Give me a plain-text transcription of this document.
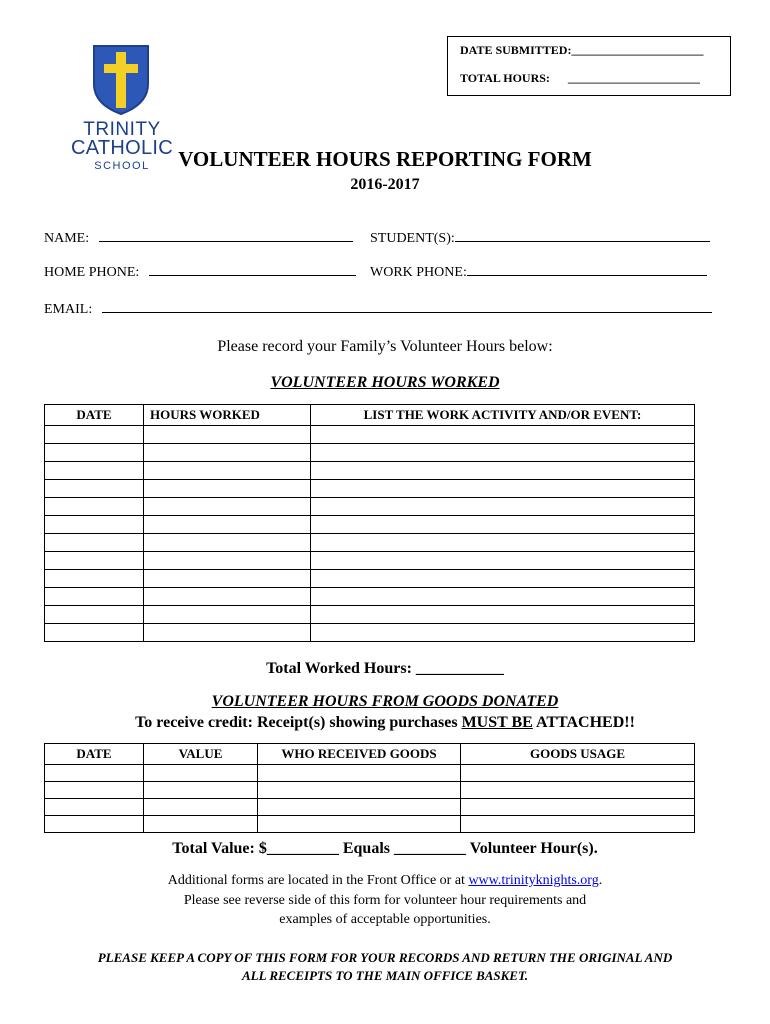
TRINITY
CATHOLIC
SCHOOL
DATE SUBMITTED:______________________
TOTAL HOURS: ______________________
VOLUNTEER HOURS REPORTING FORM
2016-2017
NAME:	STUDENT(S):
HOME PHONE:	WORK PHONE:
EMAIL:
Please record your Family’s Volunteer Hours below:
VOLUNTEER HOURS WORKED
DATE	HOURS WORKED	LIST THE WORK ACTIVITY AND/OR EVENT:

Total Worked Hours: ___________
VOLUNTEER HOURS FROM GOODS DONATED
To receive credit: Receipt(s) showing purchases MUST BE ATTACHED!!
DATE	VALUE	WHO RECEIVED GOODS	GOODS USAGE

Total Value: $_________ Equals _________ Volunteer Hour(s).
Additional forms are located in the Front Office or at www.trinityknights.org.
Please see reverse side of this form for volunteer hour requirements and
examples of acceptable opportunities.
PLEASE KEEP A COPY OF THIS FORM FOR YOUR RECORDS AND RETURN THE ORIGINAL AND
ALL RECEIPTS TO THE MAIN OFFICE BASKET.
